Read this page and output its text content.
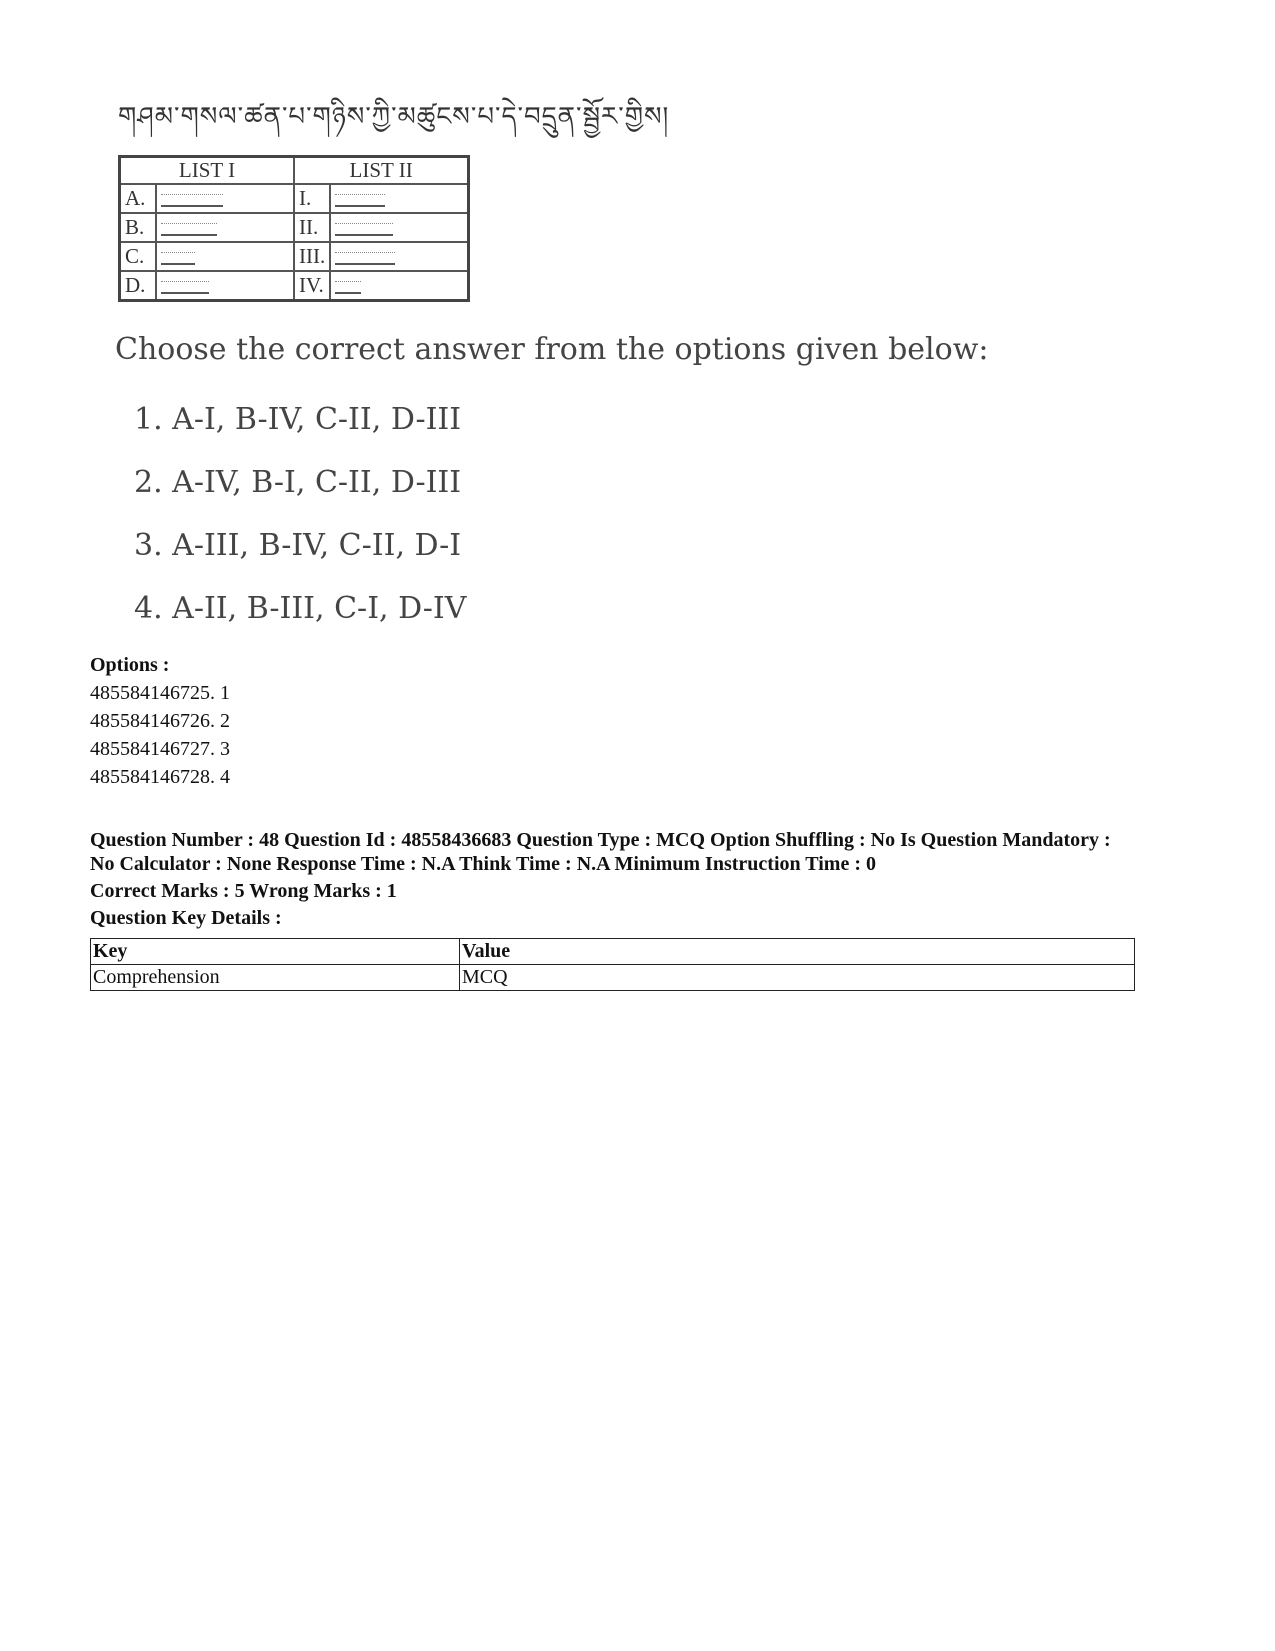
གཤམ་གསལ་ཚན་པ་གཉིས་ཀྱི་མཚུངས་པ་དེ་བདྲུན་སྦྱོར་གྱིས།
LIST I		LIST II	
A.		I.	
B.		II.	
C.		III.	
D.		IV.	
Choose the correct answer from the options given below:
1. A-I, B-IV, C-II, D-III
2. A-IV, B-I, C-II, D-III
3. A-III, B-IV, C-II, D-I
4. A-II, B-III, C-I, D-IV
Options :
485584146725. 1
485584146726. 2
485584146727. 3
485584146728. 4
Question Number : 48 Question Id : 48558436683 Question Type : MCQ Option Shuffling : No Is Question Mandatory :
No Calculator : None Response Time : N.A Think Time : N.A Minimum Instruction Time : 0
Correct Marks : 5 Wrong Marks : 1
Question Key Details :
Key	Value
Comprehension	MCQ
